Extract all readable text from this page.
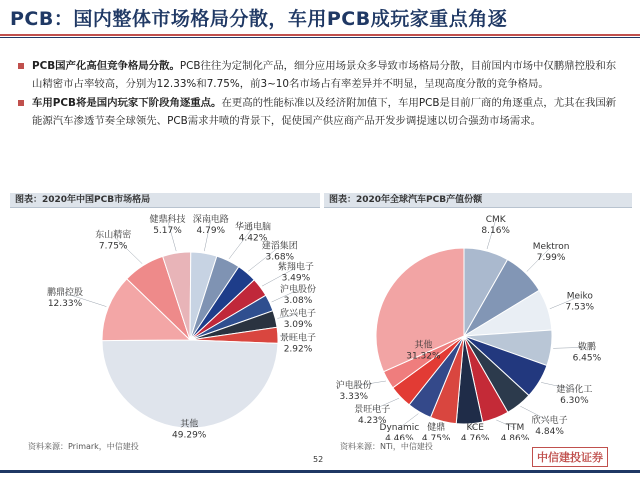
PCB：国内整体市场格局分散，车用PCB成玩家重点角逐
PCB国产化高但竞争格局分散。PCB往往为定制化产品，细分应用场景众多导致市场格局分散，目前国内市场中仅鹏鼎控股和东山精密市占率较高，分别为12.33%和7.75%，前3~10名市场占有率差异并不明显，呈现高度分散的竞争格局。
车用PCB将是国内玩家下阶段角逐重点。在更高的性能标准以及经济附加值下，车用PCB是目前厂商的角逐重点，尤其在我国新能源汽车渗透节奏全球领先、PCB需求井喷的背景下，促使国产供应商产品开发步调提速以切合强劲市场需求。
图表：2020年中国PCB市场格局	图表：2020年全球汽车PCB产值份额
东山精密
7.75%
健鼎科技
5.17%
深南电路
4.79% 华通电脑
4.42%
建滔集团
3.68%
紫翔电子
3.49%
沪电股份
3.08%
欣兴电子
3.09%
景旺电子
2.92%
其他
49.29%
鹏鼎控股
12.33%
CMK
8.16%
Mektron
7.99%
Meiko
7.53%
敬鹏
6.45%
建滔化工
6.30%
欣兴电子
4.84%
TTM
4.86%
KCE
4.76%
健鼎
4.75%
Dynamic
4.46%
景旺电子
4.23%
沪电股份
3.33%
其他
31.32%
资料来源：Primark，中信建投	资料来源：NTi，中信建投
52	中信建投证券
